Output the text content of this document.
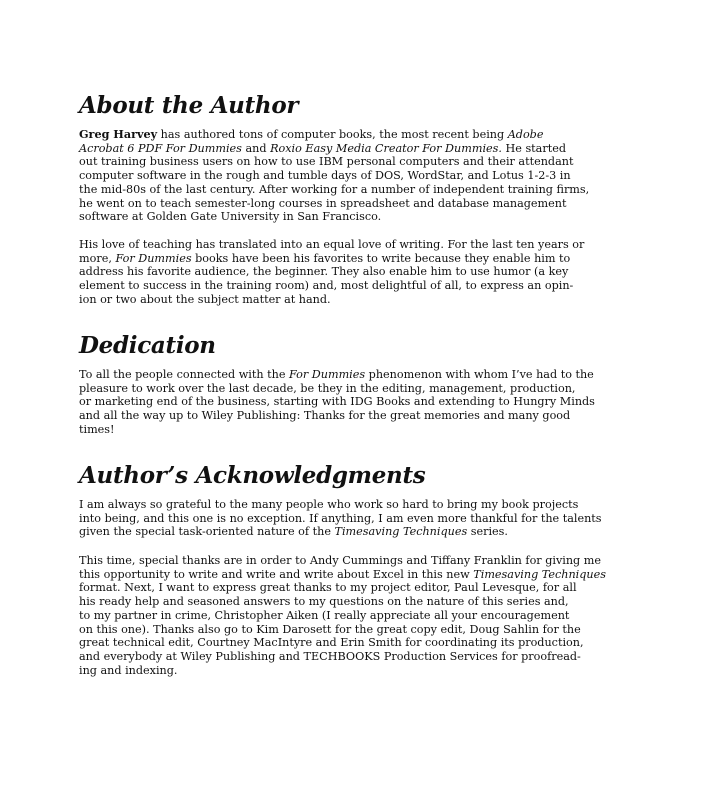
About the Author
Greg Harvey has authored tons of computer books, the most recent being Adobe
Acrobat 6 PDF For Dummies and Roxio Easy Media Creator For Dummies. He started
out training business users on how to use IBM personal computers and their attendant
computer software in the rough and tumble days of DOS, WordStar, and Lotus 1-2-3 in
the mid-80s of the last century. After working for a number of independent training firms,
he went on to teach semester-long courses in spreadsheet and database management
software at Golden Gate University in San Francisco.
His love of teaching has translated into an equal love of writing. For the last ten years or
more, For Dummies books have been his favorites to write because they enable him to
address his favorite audience, the beginner. They also enable him to use humor (a key
element to success in the training room) and, most delightful of all, to express an opin-
ion or two about the subject matter at hand.
Dedication
To all the people connected with the For Dummies phenomenon with whom I’ve had to the
pleasure to work over the last decade, be they in the editing, management, production,
or marketing end of the business, starting with IDG Books and extending to Hungry Minds
and all the way up to Wiley Publishing: Thanks for the great memories and many good
times!
Author’s Acknowledgments
I am always so grateful to the many people who work so hard to bring my book projects
into being, and this one is no exception. If anything, I am even more thankful for the talents
given the special task-oriented nature of the Timesaving Techniques series.
This time, special thanks are in order to Andy Cummings and Tiffany Franklin for giving me
this opportunity to write and write and write about Excel in this new Timesaving Techniques
format. Next, I want to express great thanks to my project editor, Paul Levesque, for all
his ready help and seasoned answers to my questions on the nature of this series and,
to my partner in crime, Christopher Aiken (I really appreciate all your encouragement
on this one). Thanks also go to Kim Darosett for the great copy edit, Doug Sahlin for the
great technical edit, Courtney MacIntyre and Erin Smith for coordinating its production,
and everybody at Wiley Publishing and TECHBOOKS Production Services for proofread-
ing and indexing.
